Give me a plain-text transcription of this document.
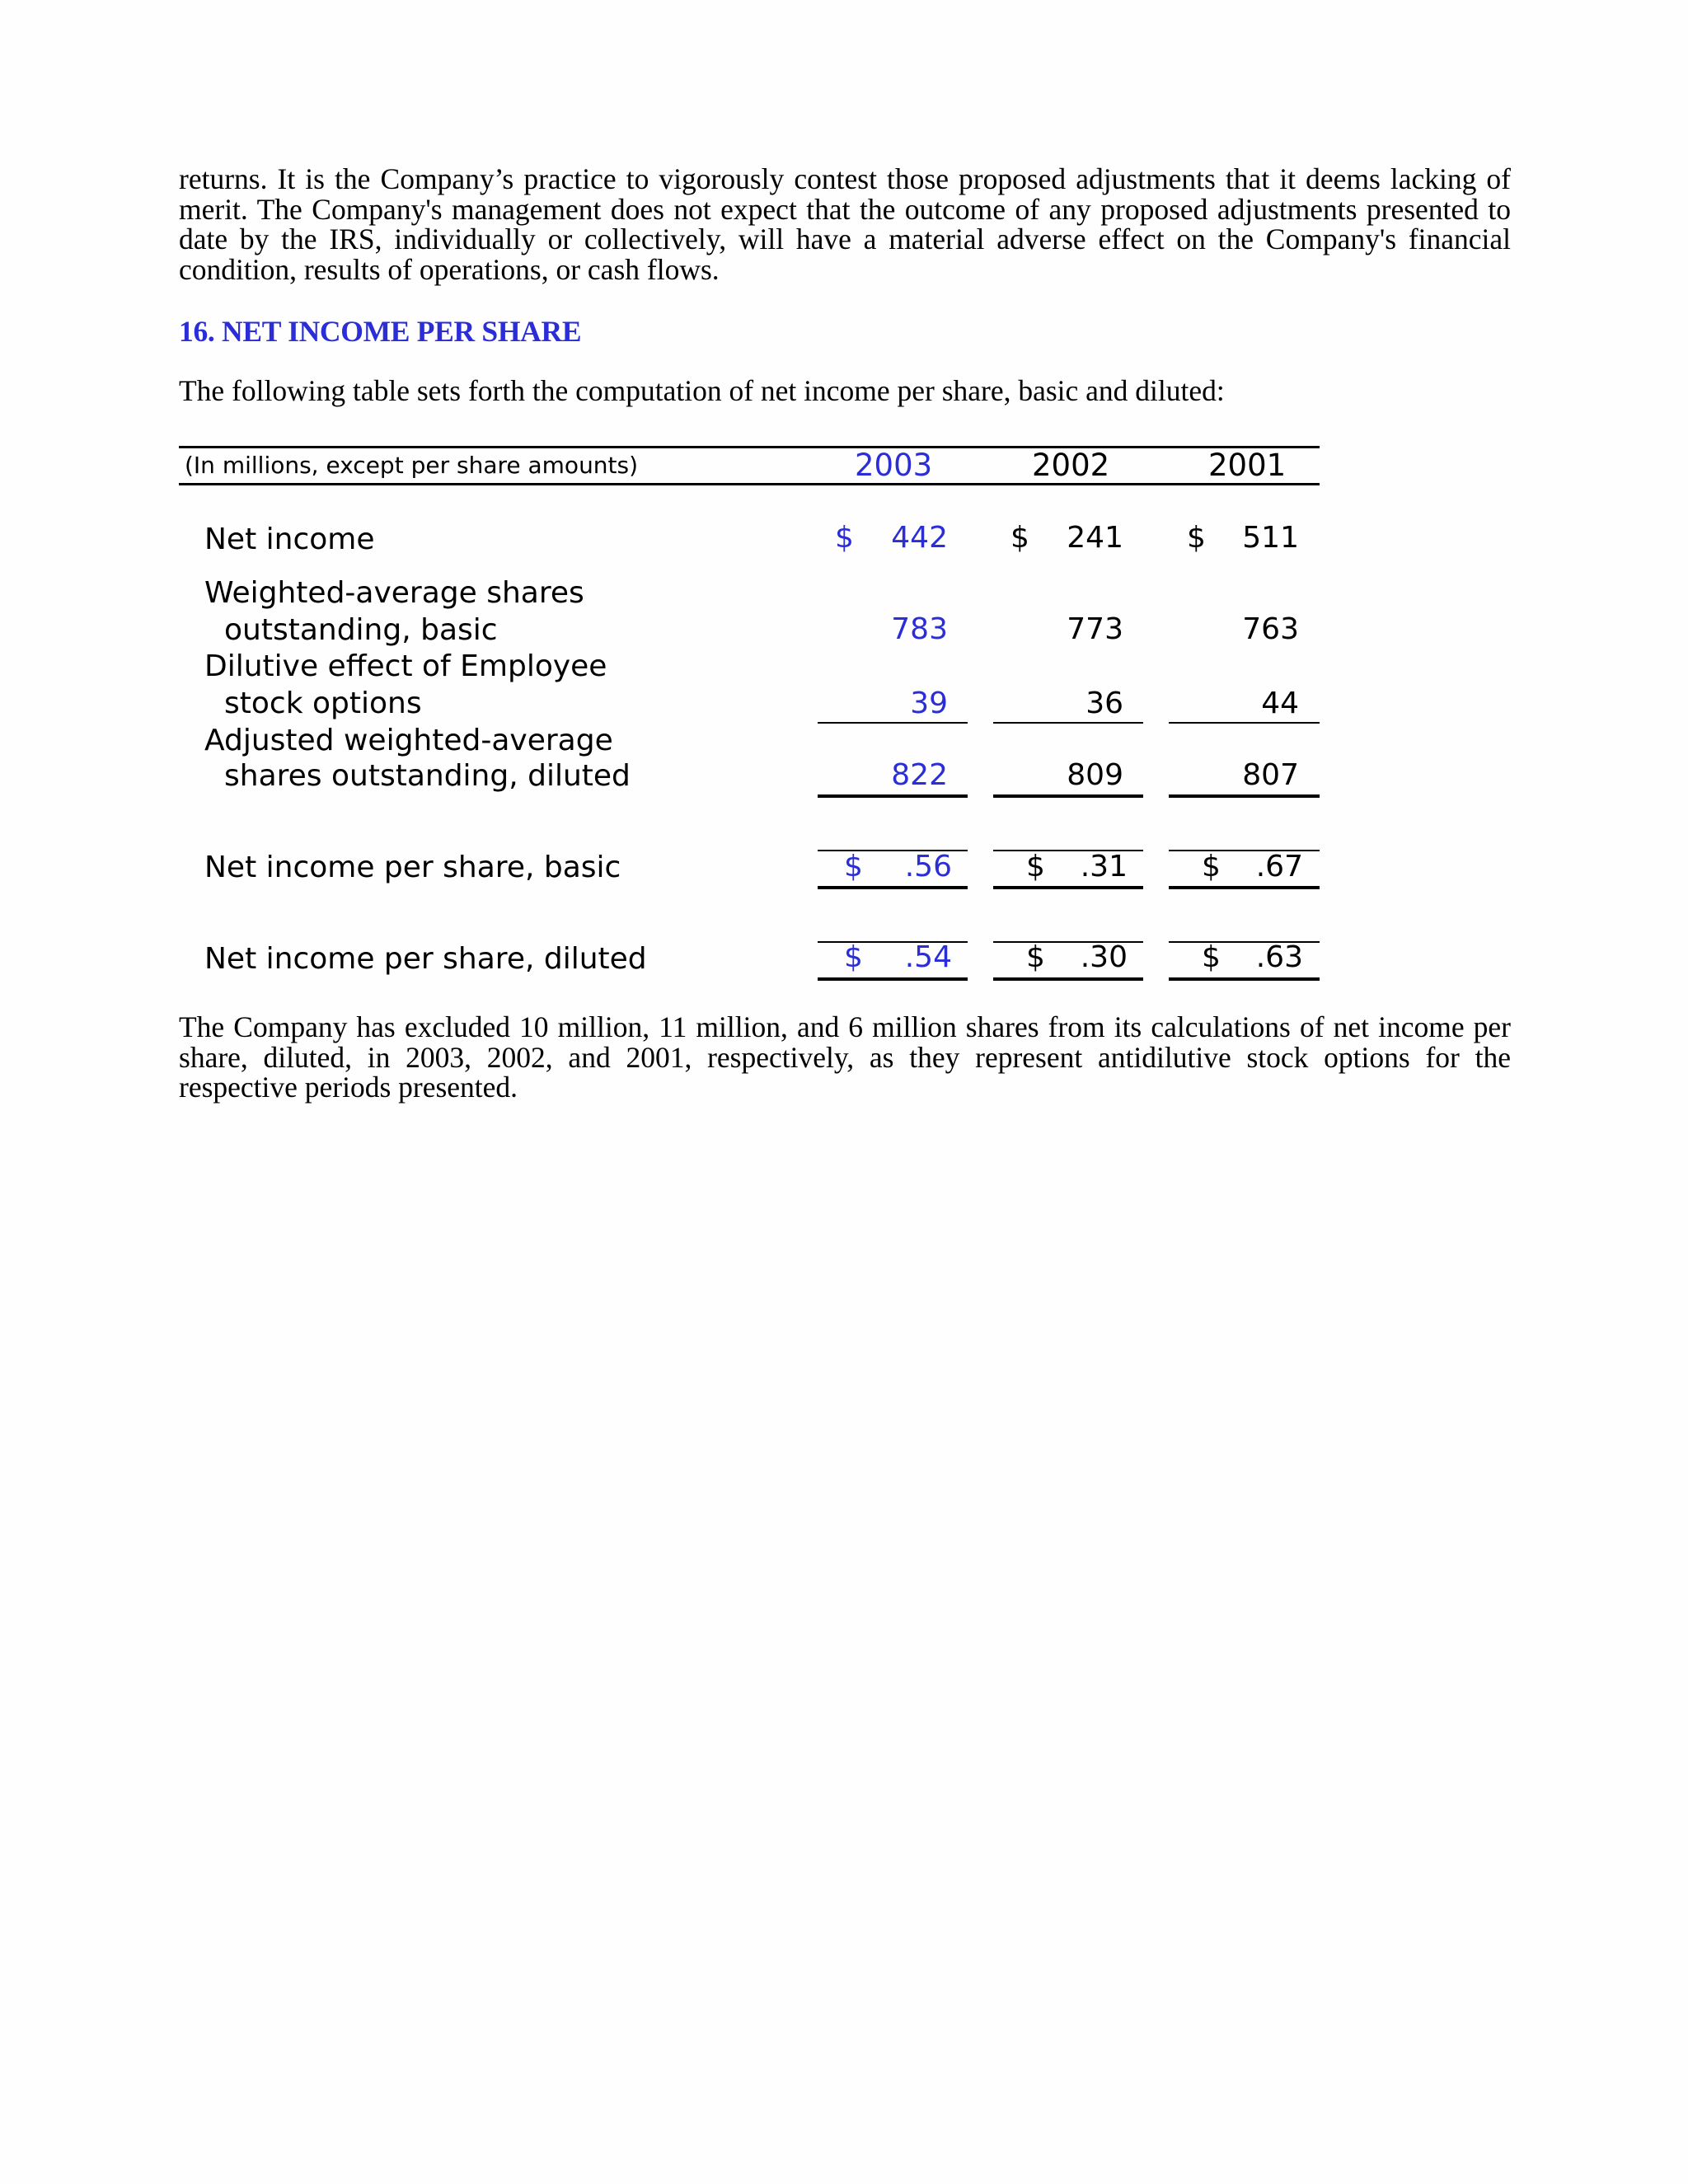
returns. It is the Company’s practice to vigorously contest those proposed adjustments that it deems lacking of merit. The Company's management does not expect that the outcome of any proposed adjustments presented to date by the IRS, individually or collectively, will have a material adverse effect on the Company's financial condition, results of operations, or cash flows.

16. NET INCOME PER SHARE

The following table sets forth the computation of net income per share, basic and diluted:

(In millions, except per share amounts)	2003	2002	2001
Net income	$	442 $	241 $	511
Weighted-average shares
outstanding, basic	783	773	763
Dilutive effect of Employee
stock options	39	36	44
Adjusted weighted-average
shares outstanding, diluted	822	809	807
Net income per share, basic	$	.56	$	.31	$	.67
Net income per share, diluted	$	.54	$	.30	$	.63

The Company has excluded 10 million, 11 million, and 6 million shares from its calculations of net income per share, diluted, in 2003, 2002, and 2001, respectively, as they represent antidilutive stock options for the respective periods presented.
